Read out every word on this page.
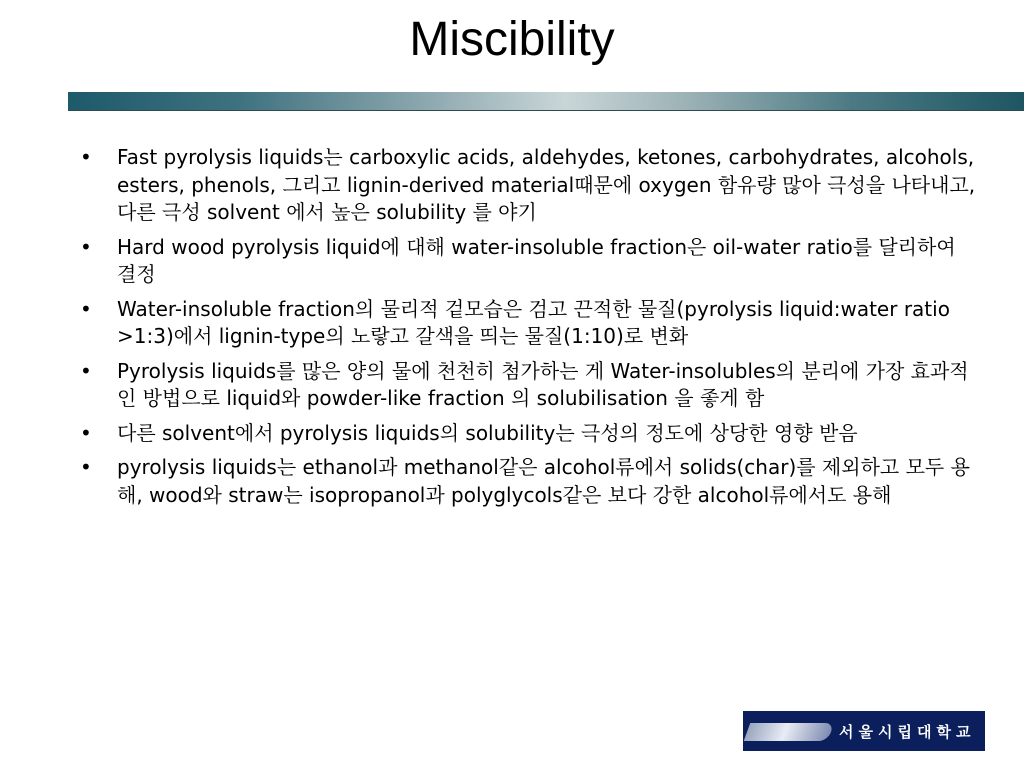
Miscibility
•	Fast pyrolysis liquids는 carboxylic acids, aldehydes, ketones, carbohydrates, alcohols, esters, phenols, 그리고 lignin-derived material때문에 oxygen 함유량 많아 극성을 나타내고, 다른 극성 solvent 에서 높은 solubility 를 야기
•	Hard wood pyrolysis liquid에 대해 water-insoluble fraction은 oil-water ratio를 달리하여 결정
•	Water-insoluble fraction의 물리적 겉모습은 검고 끈적한 물질(pyrolysis liquid:water ratio >1:3)에서 lignin-type의 노랗고 갈색을 띄는 물질(1:10)로 변화
•	Pyrolysis liquids를 많은 양의 물에 천천히 첨가하는 게 Water-insolubles의 분리에 가장 효과적인 방법으로 liquid와 powder-like fraction 의 solubilisation 을 좋게 함
•	다른 solvent에서 pyrolysis liquids의 solubility는 극성의 정도에 상당한 영향 받음
•	pyrolysis liquids는 ethanol과 methanol같은 alcohol류에서 solids(char)를 제외하고 모두 용해, wood와 straw는 isopropanol과 polyglycols같은 보다 강한 alcohol류에서도 용해
서울시립대학교
